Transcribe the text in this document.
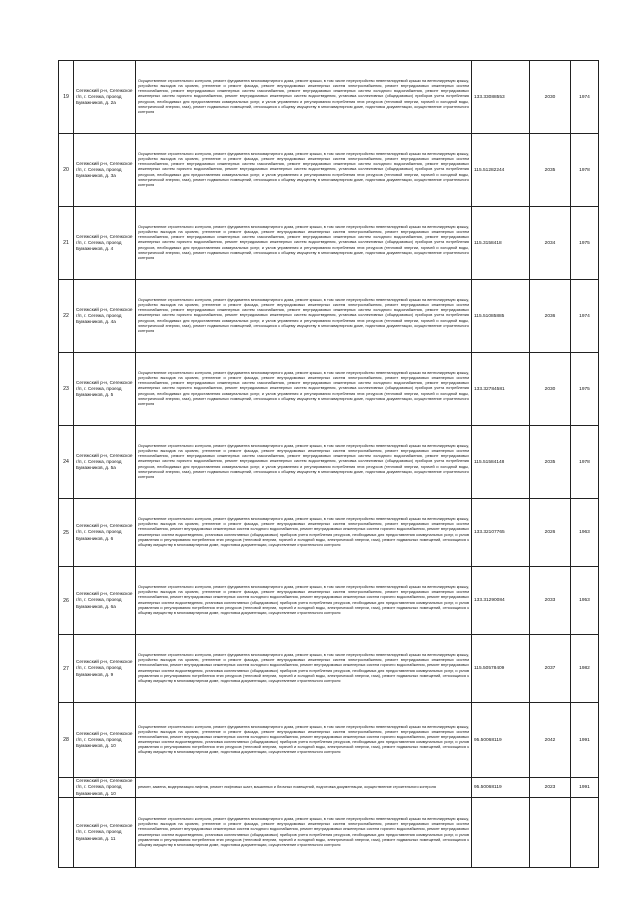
19	Сегежский р-н, Сегежское г/п, г. Сегежа, проезд Бумажников, д. 2а	Осуществление строительного контроля, ремонт фундамента многоквартирного дома, ремонт крыши, в том числе переустройство невентилируемой крыши на вентилируемую крышу, устройство выходов на кровлю, утепление и ремонт фасада, ремонт внутридомовых инженерных систем электроснабжения, ремонт внутридомовых инженерных систем теплоснабжения, ремонт внутридомовых инженерных систем газоснабжения, ремонт внутридомовых инженерных систем холодного водоснабжения, ремонт внутридомовых инженерных систем горячего водоснабжения, ремонт внутридомовых инженерных систем водоотведения, установка коллективных (общедомовых) приборов учета потребления ресурсов, необходимых для предоставления коммунальных услуг, и узлов управления и регулирования потребления этих ресурсов (тепловой энергии, горячей и холодной воды, электрической энергии, газа), ремонт подвальных помещений, относящихся к общему имуществу в многоквартирном доме, подготовка документации, осуществление строительного контроля	133.33088553	2030	1974
20	Сегежский р-н, Сегежское г/п, г. Сегежа, проезд Бумажников, д. 3а	Осуществление строительного контроля, ремонт фундамента многоквартирного дома, ремонт крыши, в том числе переустройство невентилируемой крыши на вентилируемую крышу, устройство выходов на кровлю, утепление и ремонт фасада, ремонт внутридомовых инженерных систем электроснабжения, ремонт внутридомовых инженерных систем теплоснабжения, ремонт внутридомовых инженерных систем газоснабжения, ремонт внутридомовых инженерных систем холодного водоснабжения, ремонт внутридомовых инженерных систем горячего водоснабжения, ремонт внутридомовых инженерных систем водоотведения, установка коллективных (общедомовых) приборов учета потребления ресурсов, необходимых для предоставления коммунальных услуг, и узлов управления и регулирования потребления этих ресурсов (тепловой энергии, горячей и холодной воды, электрической энергии, газа), ремонт подвальных помещений, относящихся к общему имуществу в многоквартирном доме, подготовка документации, осуществление строительного контроля	115.51282244	2035	1978
21	Сегежский р-н, Сегежское г/п, г. Сегежа, проезд Бумажников, д. 4	Осуществление строительного контроля, ремонт фундамента многоквартирного дома, ремонт крыши, в том числе переустройство невентилируемой крыши на вентилируемую крышу, устройство выходов на кровлю, утепление и ремонт фасада, ремонт внутридомовых инженерных систем электроснабжения, ремонт внутридомовых инженерных систем теплоснабжения, ремонт внутридомовых инженерных систем газоснабжения, ремонт внутридомовых инженерных систем холодного водоснабжения, ремонт внутридомовых инженерных систем горячего водоснабжения, ремонт внутридомовых инженерных систем водоотведения, установка коллективных (общедомовых) приборов учета потребления ресурсов, необходимых для предоставления коммунальных услуг, и узлов управления и регулирования потребления этих ресурсов (тепловой энергии, горячей и холодной воды, электрической энергии, газа), ремонт подвальных помещений, относящихся к общему имуществу в многоквартирном доме, подготовка документации, осуществление строительного контроля	115.3158418	2034	1975
22	Сегежский р-н, Сегежское г/п, г. Сегежа, проезд Бумажников, д. 4а	Осуществление строительного контроля, ремонт фундамента многоквартирного дома, ремонт крыши, в том числе переустройство невентилируемой крыши на вентилируемую крышу, устройство выходов на кровлю, утепление и ремонт фасада, ремонт внутридомовых инженерных систем электроснабжения, ремонт внутридомовых инженерных систем теплоснабжения, ремонт внутридомовых инженерных систем газоснабжения, ремонт внутридомовых инженерных систем холодного водоснабжения, ремонт внутридомовых инженерных систем горячего водоснабжения, ремонт внутридомовых инженерных систем водоотведения, установка коллективных (общедомовых) приборов учета потребления ресурсов, необходимых для предоставления коммунальных услуг, и узлов управления и регулирования потребления этих ресурсов (тепловой энергии, горячей и холодной воды, электрической энергии, газа), ремонт подвальных помещений, относящихся к общему имуществу в многоквартирном доме, подготовка документации, осуществление строительного контроля	115.51085885	2036	1974
23	Сегежский р-н, Сегежское г/п, г. Сегежа, проезд Бумажников, д. 5	Осуществление строительного контроля, ремонт фундамента многоквартирного дома, ремонт крыши, в том числе переустройство невентилируемой крыши на вентилируемую крышу, устройство выходов на кровлю, утепление и ремонт фасада, ремонт внутридомовых инженерных систем электроснабжения, ремонт внутридомовых инженерных систем теплоснабжения, ремонт внутридомовых инженерных систем газоснабжения, ремонт внутридомовых инженерных систем холодного водоснабжения, ремонт внутридомовых инженерных систем горячего водоснабжения, ремонт внутридомовых инженерных систем водоотведения, установка коллективных (общедомовых) приборов учета потребления ресурсов, необходимых для предоставления коммунальных услуг, и узлов управления и регулирования потребления этих ресурсов (тепловой энергии, горячей и холодной воды, электрической энергии, газа), ремонт подвальных помещений, относящихся к общему имуществу в многоквартирном доме, подготовка документации, осуществление строительного контроля	133.32784581	2030	1975
24	Сегежский р-н, Сегежское г/п, г. Сегежа, проезд Бумажников, д. 5а	Осуществление строительного контроля, ремонт фундамента многоквартирного дома, ремонт крыши, в том числе переустройство невентилируемой крыши на вентилируемую крышу, устройство выходов на кровлю, утепление и ремонт фасада, ремонт внутридомовых инженерных систем электроснабжения, ремонт внутридомовых инженерных систем теплоснабжения, ремонт внутридомовых инженерных систем газоснабжения, ремонт внутридомовых инженерных систем холодного водоснабжения, ремонт внутридомовых инженерных систем горячего водоснабжения, ремонт внутридомовых инженерных систем водоотведения, установка коллективных (общедомовых) приборов учета потребления ресурсов, необходимых для предоставления коммунальных услуг, и узлов управления и регулирования потребления этих ресурсов (тепловой энергии, горячей и холодной воды, электрической энергии, газа), ремонт подвальных помещений, относящихся к общему имуществу в многоквартирном доме, подготовка документации, осуществление строительного контроля	115.51584148	2035	1978
25	Сегежский р-н, Сегежское г/п, г. Сегежа, проезд Бумажников, д. 6	Осуществление строительного контроля, ремонт фундамента многоквартирного дома, ремонт крыши, в том числе переустройство невентилируемой крыши на вентилируемую крышу, устройство выходов на кровлю, утепление и ремонт фасада, ремонт внутридомовых инженерных систем электроснабжения, ремонт внутридомовых инженерных систем теплоснабжения, ремонт внутридомовых инженерных систем холодного водоснабжения, ремонт внутридомовых инженерных систем горячего водоснабжения, ремонт внутридомовых инженерных систем водоотведения, установка коллективных (общедомовых) приборов учета потребления ресурсов, необходимых для предоставления коммунальных услуг, и узлов управления и регулирования потребления этих ресурсов (тепловой энергии, горячей и холодной воды, электрической энергии, газа), ремонт подвальных помещений, относящихся к общему имуществу в многоквартирном доме, подготовка документации, осуществление строительного контроля	133.32107765	2026	1963
26	Сегежский р-н, Сегежское г/п, г. Сегежа, проезд Бумажников, д. 6а	Осуществление строительного контроля, ремонт фундамента многоквартирного дома, ремонт крыши, в том числе переустройство невентилируемой крыши на вентилируемую крышу, устройство выходов на кровлю, утепление и ремонт фасада, ремонт внутридомовых инженерных систем электроснабжения, ремонт внутридомовых инженерных систем теплоснабжения, ремонт внутридомовых инженерных систем холодного водоснабжения, ремонт внутридомовых инженерных систем горячего водоснабжения, ремонт внутридомовых инженерных систем водоотведения, установка коллективных (общедомовых) приборов учета потребления ресурсов, необходимых для предоставления коммунальных услуг, и узлов управления и регулирования потребления этих ресурсов (тепловой энергии, горячей и холодной воды, электрической энергии, газа), ремонт подвальных помещений, относящихся к общему имуществу в многоквартирном доме, подготовка документации, осуществление строительного контроля	133.31290084	2033	1953
27	Сегежский р-н, Сегежское г/п, г. Сегежа, проезд Бумажников, д. 9	Осуществление строительного контроля, ремонт фундамента многоквартирного дома, ремонт крыши, в том числе переустройство невентилируемой крыши на вентилируемую крышу, устройство выходов на кровлю, утепление и ремонт фасада, ремонт внутридомовых инженерных систем электроснабжения, ремонт внутридомовых инженерных систем теплоснабжения, ремонт внутридомовых инженерных систем холодного водоснабжения, ремонт внутридомовых инженерных систем горячего водоснабжения, ремонт внутридомовых инженерных систем водоотведения, установка коллективных (общедомовых) приборов учета потребления ресурсов, необходимых для предоставления коммунальных услуг, и узлов управления и регулирования потребления этих ресурсов (тепловой энергии, горячей и холодной воды, электрической энергии, газа), ремонт подвальных помещений, относящихся к общему имуществу в многоквартирном доме, подготовка документации, осуществление строительного контроля	115.50578409	2037	1982
28	Сегежский р-н, Сегежское г/п, г. Сегежа, проезд Бумажников, д. 10	Осуществление строительного контроля, ремонт фундамента многоквартирного дома, ремонт крыши, в том числе переустройство невентилируемой крыши на вентилируемую крышу, устройство выходов на кровлю, утепление и ремонт фасада, ремонт внутридомовых инженерных систем электроснабжения, ремонт внутридомовых инженерных систем теплоснабжения, ремонт внутридомовых инженерных систем холодного водоснабжения, ремонт внутридомовых инженерных систем горячего водоснабжения, ремонт внутридомовых инженерных систем водоотведения, установка коллективных (общедомовых) приборов учета потребления ресурсов, необходимых для предоставления коммунальных услуг, и узлов управления и регулирования потребления этих ресурсов (тепловой энергии, горячей и холодной воды, электрической энергии, газа), ремонт подвальных помещений, относящихся к общему имуществу в многоквартирном доме, подготовка документации, осуществление строительного контроля	95.50068119	2042	1991
	Сегежский р-н, Сегежское г/п, г. Сегежа, проезд Бумажников, д. 10	ремонт, замена, модернизация лифтов, ремонт лифтовых шахт, машинных и блочных помещений, подготовка документации, осуществление строительного контроля	95.50068119	2023	1991
	Сегежский р-н, Сегежское г/п, г. Сегежа, проезд Бумажников, д. 11	Осуществление строительного контроля, ремонт фундамента многоквартирного дома, ремонт крыши, в том числе переустройство невентилируемой крыши на вентилируемую крышу, устройство выходов на кровлю, утепление и ремонт фасада, ремонт внутридомовых инженерных систем электроснабжения, ремонт внутридомовых инженерных систем теплоснабжения, ремонт внутридомовых инженерных систем холодного водоснабжения, ремонт внутридомовых инженерных систем горячего водоснабжения, ремонт внутридомовых инженерных систем водоотведения, установка коллективных (общедомовых) приборов учета потребления ресурсов, необходимых для предоставления коммунальных услуг, и узлов управления и регулирования потребления этих ресурсов (тепловой энергии, горячей и холодной воды, электрической энергии, газа), ремонт подвальных помещений, относящихся к общему имуществу в многоквартирном доме, подготовка документации, осуществление строительного контроля			
